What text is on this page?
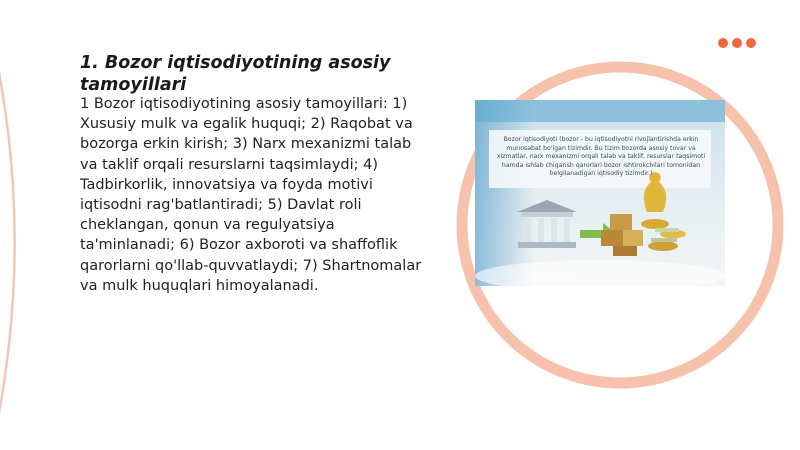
1. Bozor iqtisodiyotining asosiy tamoyillari

1 Bozor iqtisodiyotining asosiy tamoyillari: 1) Xususiy mulk va egalik huquqi; 2) Raqobat va bozorga erkin kirish; 3) Narx mexanizmi talab va taklif orqali resurslarni taqsimlaydi; 4) Tadbirkorlik, innovatsiya va foyda motivi iqtisodni rag'batlantiradi; 5) Davlat roli cheklangan, qonun va regulyatsiya ta'minlanadi; 6) Bozor axboroti va shaffoflik qarorlarni qo'llab-quvvatlaydi; 7) Shartnomalar va mulk huquqlari himoyalanadi.

Bozor iqtisodiyoti (bozor - bu iqtisodiyotni rivojlantirishda erkin munosabat bo'lgan tizimdir. Bu tizim bozorda asosiy tovar va xizmatlar, narx mexanizmi orqali talab va taklif, resurslar taqsimoti hamda ishlab chiqarish qarorlari bozor ishtirokchilari tomonidan belgilanadigan iqtisodiy tizimdir.)
ARXIV.UZ
